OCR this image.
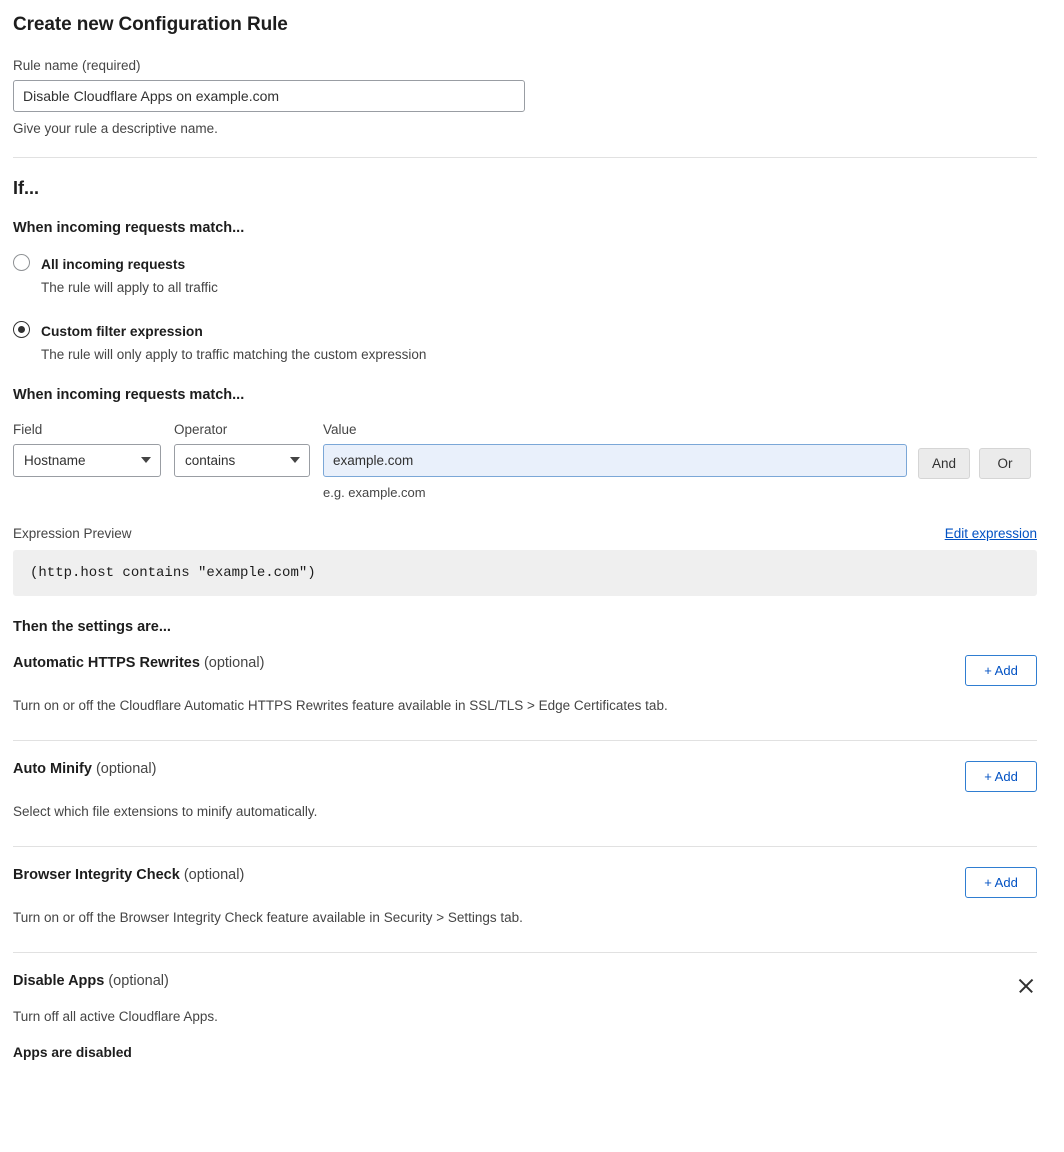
Create new Configuration Rule
Rule name (required)
Disable Cloudflare Apps on example.com
Give your rule a descriptive name.
If...
When incoming requests match...
All incoming requests
The rule will apply to all traffic
Custom filter expression
The rule will only apply to traffic matching the custom expression
When incoming requests match...
Field
Hostname
Operator
contains
Value
example.com
e.g. example.com
And	Or
Expression Preview	Edit expression
(http.host contains "example.com")
Then the settings are...
Automatic HTTPS Rewrites (optional)	+ Add
Turn on or off the Cloudflare Automatic HTTPS Rewrites feature available in SSL/TLS > Edge Certificates tab.
Auto Minify (optional)	+ Add
Select which file extensions to minify automatically.
Browser Integrity Check (optional)	+ Add
Turn on or off the Browser Integrity Check feature available in Security > Settings tab.
Disable Apps (optional)
Turn off all active Cloudflare Apps.
Apps are disabled
